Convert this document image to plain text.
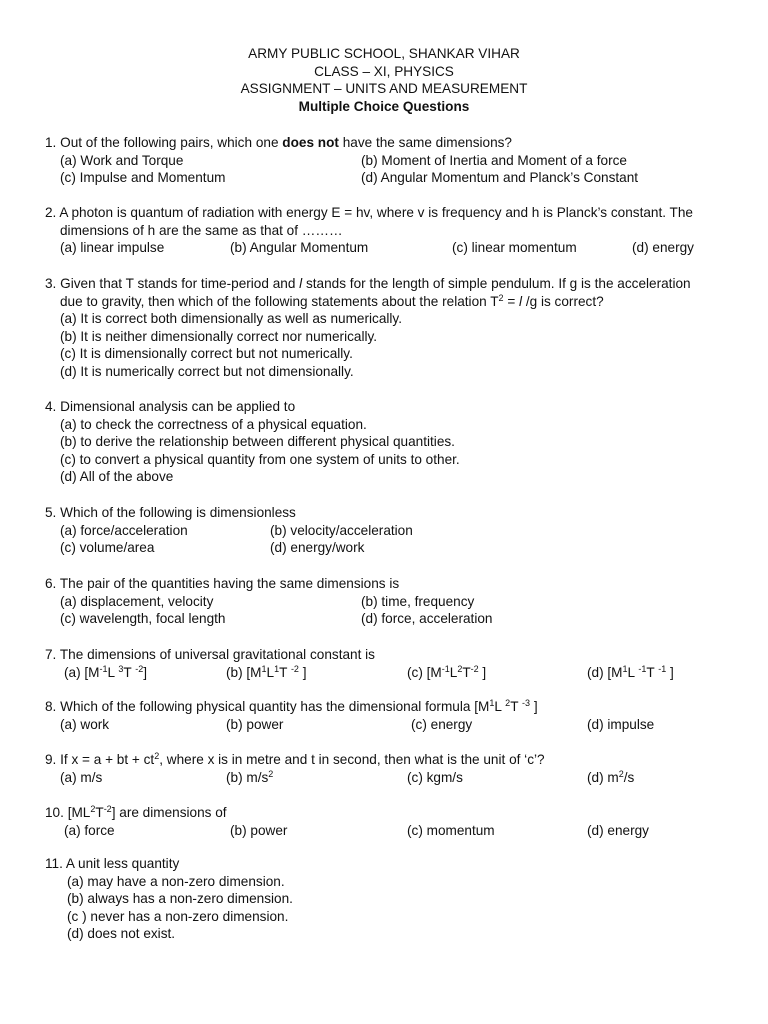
ARMY PUBLIC SCHOOL, SHANKAR VIHAR
CLASS – XI, PHYSICS
ASSIGNMENT – UNITS AND MEASUREMENT
Multiple Choice Questions
1. Out of the following pairs, which one does not have the same dimensions?
(a) Work and Torque	(b) Moment of Inertia and Moment of a force
(c) Impulse and Momentum	(d) Angular Momentum and Planck’s Constant
2. A photon is quantum of radiation with energy E = hv, where v is frequency and h is Planck’s constant. The
dimensions of h are the same as that of ………
(a) linear impulse	(b) Angular Momentum	(c) linear momentum	(d) energy
3. Given that T stands for time-period and l stands for the length of simple pendulum. If g is the acceleration
due to gravity, then which of the following statements about the relation $T^2 = l$ /g is correct?
(a) It is correct both dimensionally as well as numerically.
(b) It is neither dimensionally correct nor numerically.
(c) It is dimensionally correct but not numerically.
(d) It is numerically correct but not dimensionally.
4. Dimensional analysis can be applied to
(a) to check the correctness of a physical equation.
(b) to derive the relationship between different physical quantities.
(c) to convert a physical quantity from one system of units to other.
(d) All of the above
5. Which of the following is dimensionless
(a) force/acceleration	(b) velocity/acceleration
(c) volume/area	(d) energy/work
6. The pair of the quantities having the same dimensions is
(a) displacement, velocity	(b) time, frequency
(c) wavelength, focal length	(d) force, acceleration
7. The dimensions of universal gravitational constant is
(a) [$M^{-1}L$ $^3$T $^{-2}$]	(b) [$M^1L^1T$ $^{-2}$ ]	(c) [$M^{-1}L^2T^{-2}$ ]	(d) [$M^1L$ $^{-1}$T $^{-1}$ ]
8. Which of the following physical quantity has the dimensional formula [$M^1L$ $^2$T $^{-3}$ ]
(a) work	(b) power	(c) energy	(d) impulse
9. If x = a + bt + $ct^2$, where x is in metre and t in second, then what is the unit of ‘c’?
(a) m/s	(b) $m/s^2$	(c) kgm/s	(d) $m^2/s$
10. $[ML^2T^{-2}]$ are dimensions of
(a) force	(b) power	(c) momentum	(d) energy
11. A unit less quantity
(a) may have a non-zero dimension.
(b) always has a non-zero dimension.
(c ) never has a non-zero dimension.
(d) does not exist.
